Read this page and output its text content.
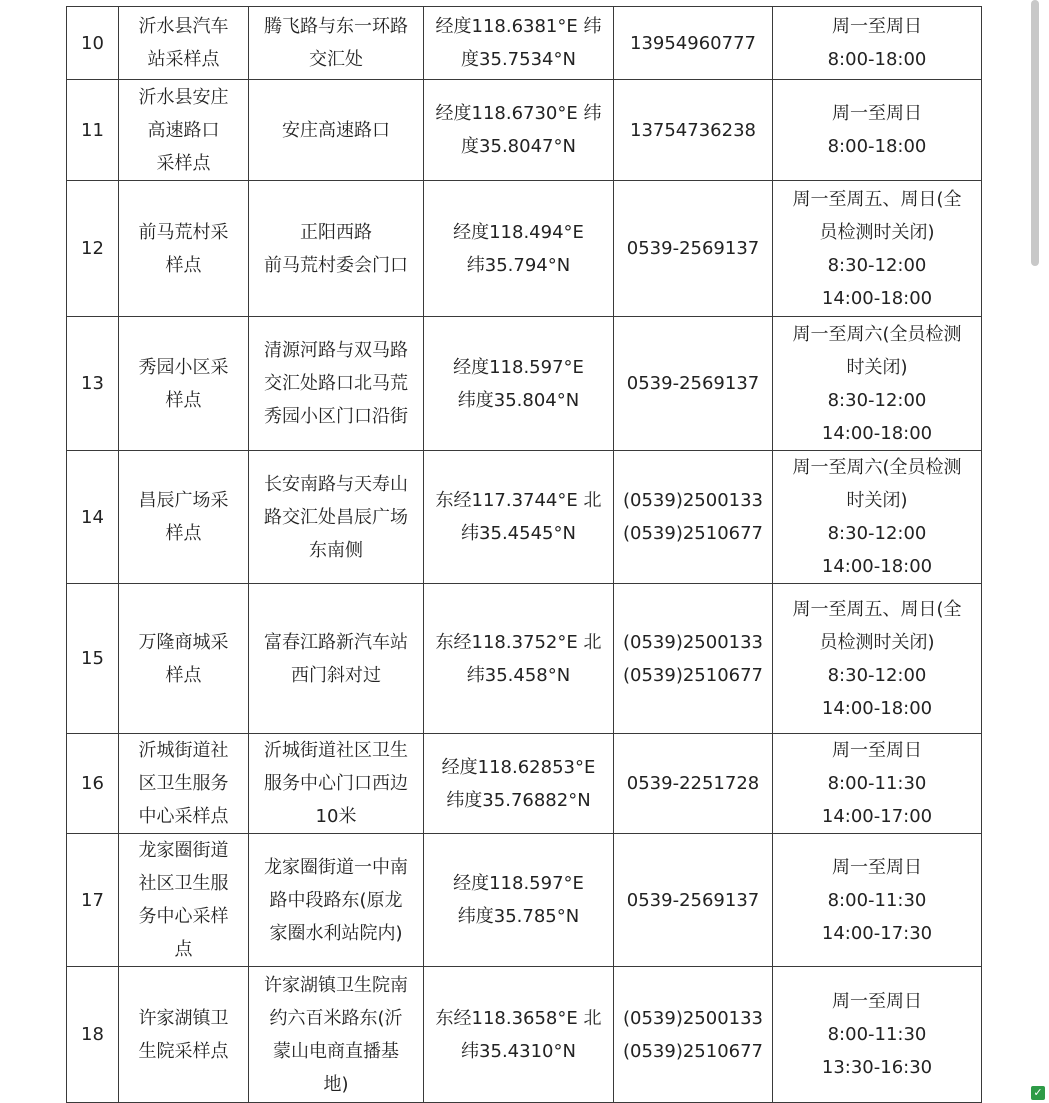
10	沂水县汽车
站采样点	腾飞路与东一环路
交汇处	经度118.6381°E 纬
度35.7534°N	13954960777	周一至周日
8:00-18:00

11	沂水县安庄
高速路口
采样点	安庄高速路口	经度118.6730°E 纬
度35.8047°N	13754736238	周一至周日
8:00-18:00

12	前马荒村采
样点	正阳西路
前马荒村委会门口	经度118.494°E
纬35.794°N	0539-2569137	周一至周五、周日(全
员检测时关闭)
8:30-12:00
14:00-18:00

13	秀园小区采
样点	清源河路与双马路
交汇处路口北马荒
秀园小区门口沿街	经度118.597°E
纬度35.804°N	0539-2569137	周一至周六(全员检测
时关闭)
8:30-12:00
14:00-18:00

14	昌辰广场采
样点	长安南路与天寿山
路交汇处昌辰广场
东南侧	东经117.3744°E 北
纬35.4545°N	(0539)2500133
(0539)2510677	周一至周六(全员检测
时关闭)
8:30-12:00
14:00-18:00

15	万隆商城采
样点	富春江路新汽车站
西门斜对过	东经118.3752°E 北
纬35.458°N	(0539)2500133
(0539)2510677	周一至周五、周日(全
员检测时关闭)
8:30-12:00
14:00-18:00

16	沂城街道社
区卫生服务
中心采样点	沂城街道社区卫生
服务中心门口西边
10米	经度118.62853°E
纬度35.76882°N	0539-2251728	周一至周日
8:00-11:30
14:00-17:00

17	龙家圈街道
社区卫生服
务中心采样
点	龙家圈街道一中南
路中段路东(原龙
家圈水利站院内)	经度118.597°E
纬度35.785°N	0539-2569137	周一至周日
8:00-11:30
14:00-17:30

18	许家湖镇卫
生院采样点	许家湖镇卫生院南
约六百米路东(沂
蒙山电商直播基
地)	东经118.3658°E 北
纬35.4310°N	(0539)2500133
(0539)2510677	周一至周日
8:00-11:30
13:30-16:30
✓
